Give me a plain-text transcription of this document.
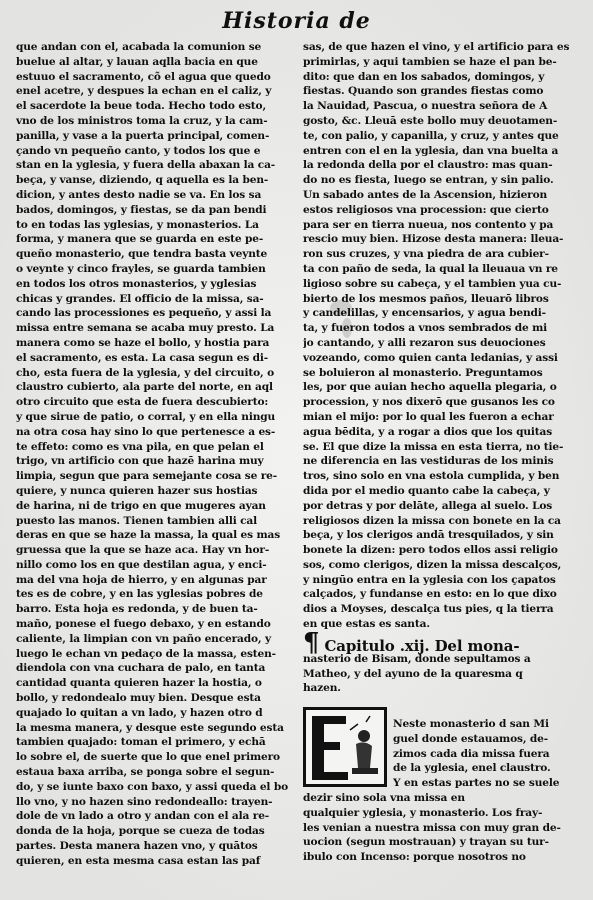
Historia de
que andan con el, acabada la comunion se
buelue al altar, y lauan aqlla bacia en que
estuuo el sacramento, cõ el agua que quedo
enel acetre, y despues la echan en el caliz, y
el sacerdote la beue toda. Hecho todo esto,
vno de los ministros toma la cruz, y la cam-
panilla, y vase a la puerta principal, comen-
çando vn pequeño canto, y todos los que e
stan en la yglesia, y fuera della abaxan la ca-
beça, y vanse, diziendo, q aquella es la ben-
dicion, y antes desto nadie se va. En los sa
bados, domingos, y fiestas, se da pan bendi
to en todas las yglesias, y monasterios. La
forma, y manera que se guarda en este pe-
queño monasterio, que tendra basta veynte
o veynte y cinco frayles, se guarda tambien
en todos los otros monasterios, y yglesias
chicas y grandes. El officio de la missa, sa-
cando las processiones es pequeño, y assi la
missa entre semana se acaba muy presto. La
manera como se haze el bollo, y hostia para
el sacramento, es esta. La casa segun es di-
cho, esta fuera de la yglesia, y del circuito, o
claustro cubierto, ala parte del norte, en aql
otro circuito que esta de fuera descubierto:
y que sirue de patio, o corral, y en ella ningu
na otra cosa hay sino lo que pertenesce a es-
te effeto: como es vna pila, en que pelan el
trigo, vn artificio con que hazē harina muy
limpia, segun que para semejante cosa se re-
quiere, y nunca quieren hazer sus hostias
de harina, ni de trigo en que mugeres ayan
puesto las manos. Tienen tambien alli cal
deras en que se haze la massa, la qual es mas
gruessa que la que se haze aca. Hay vn hor-
nillo como los en que destilan agua, y enci-
ma del vna hoja de hierro, y en algunas par
tes es de cobre, y en las yglesias pobres de
barro. Esta hoja es redonda, y de buen ta-
maño, ponese el fuego debaxo, y en estando
caliente, la limpian con vn paño encerado, y
luego le echan vn pedaço de la massa, esten-
diendola con vna cuchara de palo, en tanta
cantidad quanta quieren hazer la hostia, o
bollo, y redondealo muy bien. Desque esta
quajado lo quitan a vn lado, y hazen otro d
la mesma manera, y desque este segundo esta
tambien quajado: toman el primero, y echā
lo sobre el, de suerte que lo que enel primero
estaua baxa arriba, se ponga sobre el segun-
do, y se iunte baxo con baxo, y assi queda el bo
llo vno, y no hazen sino redondeallo: trayen-
dole de vn lado a otro y andan con el ala re-
donda de la hoja, porque se cueza de todas
partes. Desta manera hazen vno, y quātos
quieren, en esta mesma casa estan las paf
sas, de que hazen el vino, y el artificio para es
primirlas, y aqui tambien se haze el pan be-
dito: que dan en los sabados, domingos, y
fiestas. Quando son grandes fiestas como
la Nauidad, Pascua, o nuestra señora de A
gosto, &c. Lleuā este bollo muy deuotamen-
te, con palio, y capanilla, y cruz, y antes que
entren con el en la yglesia, dan vna buelta a
la redonda della por el claustro: mas quan-
do no es fiesta, luego se entran, y sin palio.
Un sabado antes de la Ascension, hizieron
estos religiosos vna procession: que cierto
para ser en tierra nueua, nos contento y pa
rescio muy bien. Hizose desta manera: lleua-
ron sus cruzes, y vna piedra de ara cubier-
ta con paño de seda, la qual la lleuaua vn re
ligioso sobre su cabeça, y el tambien yua cu-
bierto de los mesmos paños, lleuarō libros
y candelillas, y encensarios, y agua bendi-
ta, y fueron todos a vnos sembrados de mi
jo cantando, y alli rezaron sus deuociones
vozeando, como quien canta ledanias, y assi
se boluieron al monasterio. Preguntamos
les, por que auian hecho aquella plegaria, o
procession, y nos dixerō que gusanos les co
mian el mijo: por lo qual les fueron a echar
agua bēdita, y a rogar a dios que los quitas
se. El que dize la missa en esta tierra, no tie-
ne diferencia en las vestiduras de los minis
tros, sino solo en vna estola cumplida, y ben
dida por el medio quanto cabe la cabeça, y
por detras y por delāte, allega al suelo. Los
religiosos dizen la missa con bonete en la ca
beça, y los clerigos andā tresquilados, y sin
bonete la dizen: pero todos ellos assi religio
sos, como clerigos, dizen la missa descalços,
y ningūo entra en la yglesia con los çapatos
calçados, y fundanse en esto: en lo que dixo
dios a Moyses, descalça tus pies, q la tierra
en que estas es santa.
¶ Capitulo .xij. Del mona-
nasterio de Bisam, donde sepultamos a
Matheo, y del ayuno de la quaresma q
hazen.
Neste monasterio d san Mi
guel donde estauamos, de-
zimos cada dia missa fuera
de la yglesia, enel claustro.
Y en estas partes no se suele
dezir sino sola vna missa en
qualquier yglesia, y monasterio. Los fray-
les venian a nuestra missa con muy gran de-
uocion (segun mostrauan) y trayan su tur-
ibulo con Incenso: porque nosotros no
